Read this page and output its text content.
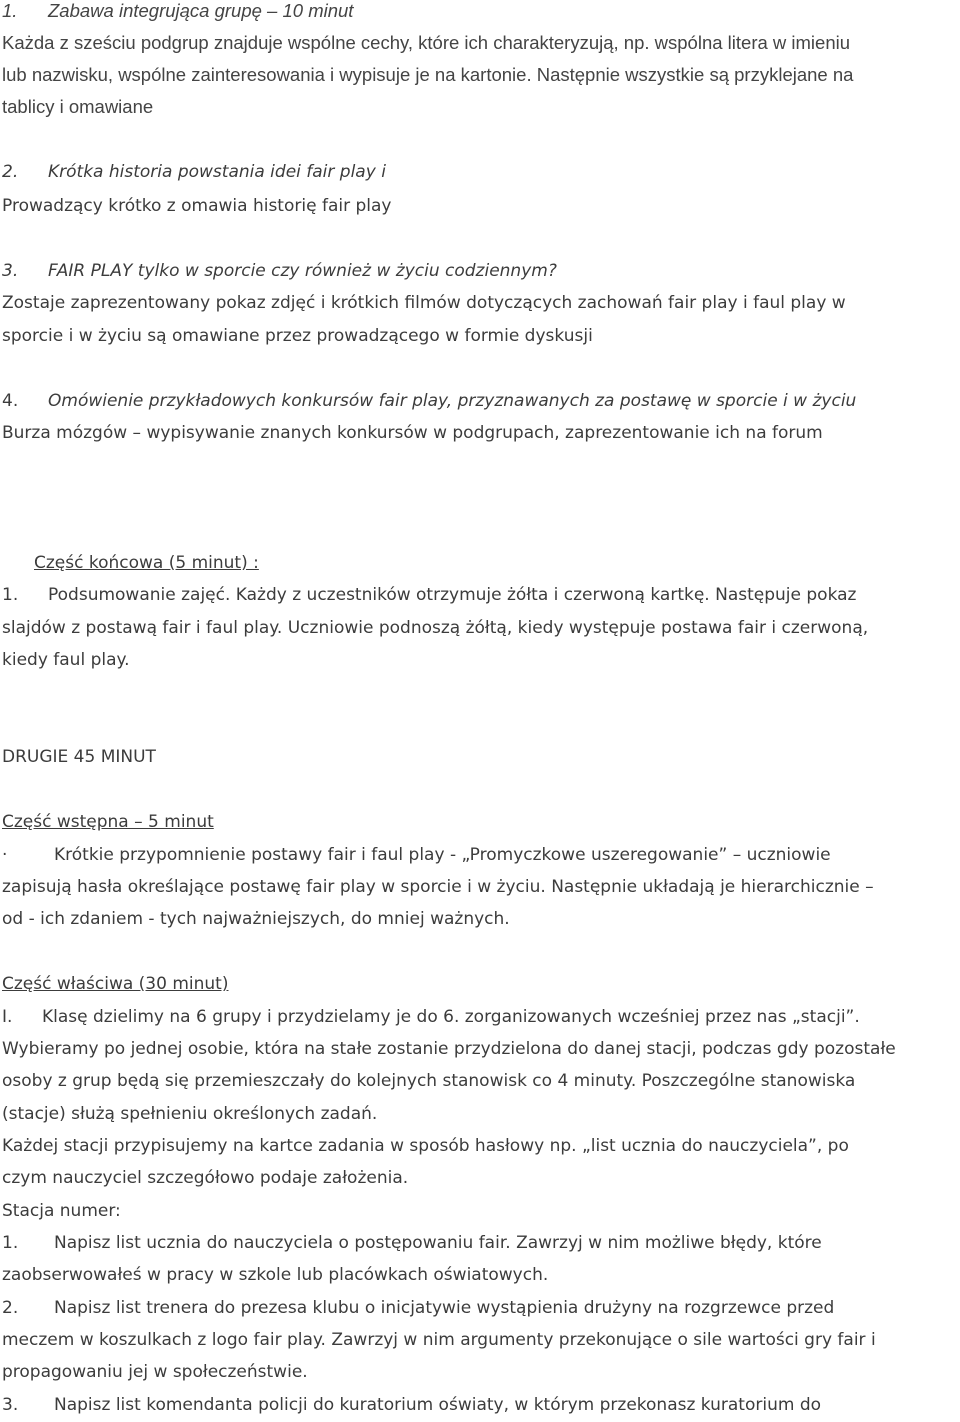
1. Zabawa integrująca grupę – 10 minut
Każda z sześciu podgrup znajduje wspólne cechy, które ich charakteryzują, np. wspólna litera w imieniu
lub nazwisku, wspólne zainteresowania i wypisuje je na kartonie. Następnie wszystkie są przyklejane na
tablicy i omawiane
2. Krótka historia powstania idei fair play i
Prowadzący krótko z omawia historię fair play
3. FAIR PLAY tylko w sporcie czy również w życiu codziennym?
Zostaje zaprezentowany pokaz zdjęć i krótkich filmów dotyczących zachowań fair play i faul play w
sporcie i w życiu są omawiane przez prowadzącego w formie dyskusji
4. Omówienie przykładowych konkursów fair play, przyznawanych za postawę w sporcie i w życiu
Burza mózgów – wypisywanie znanych konkursów w podgrupach, zaprezentowanie ich na forum
Część końcowa (5 minut) :
1. Podsumowanie zajęć. Każdy z uczestników otrzymuje żółta i czerwoną kartkę. Następuje pokaz
slajdów z postawą fair i faul play. Uczniowie podnoszą żółtą, kiedy występuje postawa fair i czerwoną,
kiedy faul play.
DRUGIE 45 MINUT
Część wstępna – 5 minut
·	Krótkie przypomnienie postawy fair i faul play - „Promyczkowe uszeregowanie” – uczniowie
zapisują hasła określające postawę fair play w sporcie i w życiu. Następnie układają je hierarchicznie –
od - ich zdaniem - tych najważniejszych, do mniej ważnych.
Część właściwa (30 minut)
I. Klasę dzielimy na 6 grupy i przydzielamy je do 6. zorganizowanych wcześniej przez nas „stacji”.
Wybieramy po jednej osobie, która na stałe zostanie przydzielona do danej stacji, podczas gdy pozostałe
osoby z grup będą się przemieszczały do kolejnych stanowisk co 4 minuty. Poszczególne stanowiska
(stacje) służą spełnieniu określonych zadań.
Każdej stacji przypisujemy na kartce zadania w sposób hasłowy np. „list ucznia do nauczyciela”, po
czym nauczyciel szczegółowo podaje założenia.
Stacja numer:
1. Napisz list ucznia do nauczyciela o postępowaniu fair. Zawrzyj w nim możliwe błędy, które
zaobserwowałeś w pracy w szkole lub placówkach oświatowych.
2. Napisz list trenera do prezesa klubu o inicjatywie wystąpienia drużyny na rozgrzewce przed
meczem w koszulkach z logo fair play. Zawrzyj w nim argumenty przekonujące o sile wartości gry fair i
propagowaniu jej w społeczeństwie.
3. Napisz list komendanta policji do kuratorium oświaty, w którym przekonasz kuratorium do
